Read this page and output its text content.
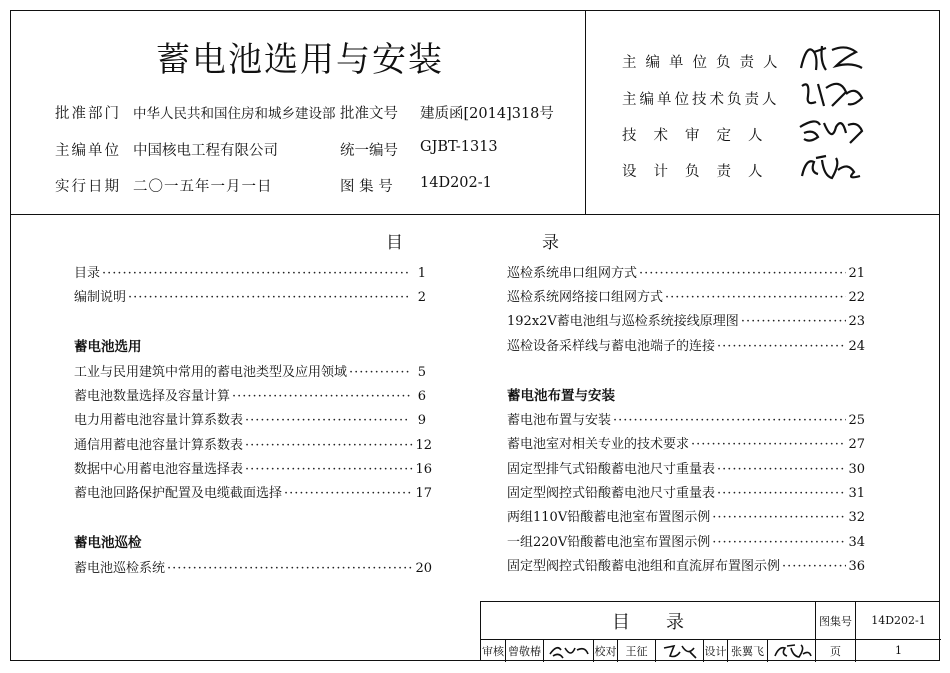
蓄电池选用与安装
批准部门 中华人民共和国住房和城乡建设部 批准文号 建质函[2014]318号
主编单位 中国核电工程有限公司	统一编号 GJBT-1313
实行日期 二〇一五年一月一日	图 集 号 14D202-1
主编单位负责人
主编单位技术负责人
技术审定人
设计负责人
目	录
目录 ·····	1
编制说明 ·····	2
蓄电池选用
工业与民用建筑中常用的蓄电池类型及应用领域 ·····	5
蓄电池数量选择及容量计算 ·····	6
电力用蓄电池容量计算系数表 ·····	9
通信用蓄电池容量计算系数表 ·····	12
数据中心用蓄电池容量选择表 ·····	16
蓄电池回路保护配置及电缆截面选择 ·····	17
蓄电池巡检
蓄电池巡检系统 ·····	20
巡检系统串口组网方式 ·····	21
巡检系统网络接口组网方式 ·····	22
192x2V蓄电池组与巡检系统接线原理图 ·····	23
巡检设备采样线与蓄电池端子的连接 ·····	24
蓄电池布置与安装
蓄电池布置与安装 ·····	25
蓄电池室对相关专业的技术要求 ·····	27
固定型排气式铅酸蓄电池尺寸重量表 ·····	30
固定型阀控式铅酸蓄电池尺寸重量表 ·····	31
两组110V铅酸蓄电池室布置图示例 ·····	32
一组220V铅酸蓄电池室布置图示例 ·····	34
固定型阀控式铅酸蓄电池组和直流屏布置图示例 ·····	36
目　　录	图集号	14D202-1
审核 曾敬椿	校对 王征	设计 张翼飞	页	1
